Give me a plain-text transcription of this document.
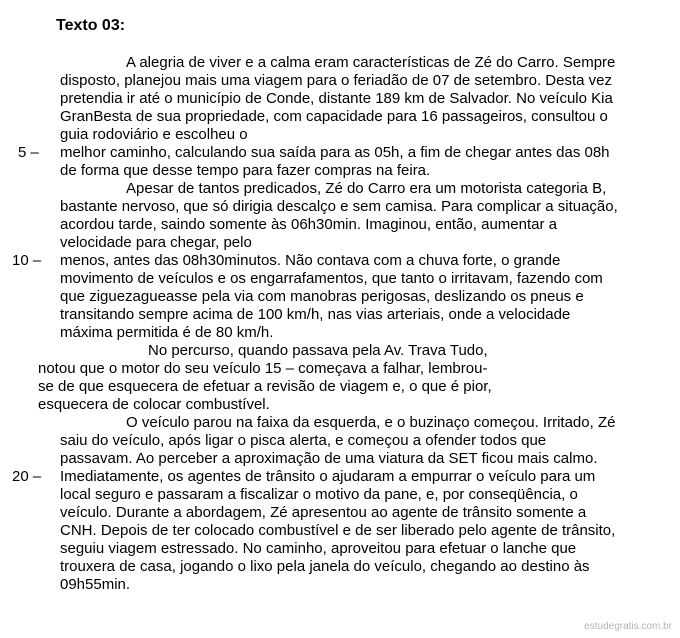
Texto 03:
A alegria de viver e a calma eram características de Zé do Carro. Sempre
disposto, planejou mais uma viagem para o feriadão de 07 de setembro. Desta vez
pretendia ir até o município de Conde, distante 189 km de Salvador. No veículo Kia
GranBesta de sua propriedade, com capacidade para 16 passageiros, consultou o
guia rodoviário e escolheu o
5 – melhor caminho, calculando sua saída para as 05h, a fim de chegar antes das 08h
de forma que desse tempo para fazer compras na feira.
Apesar de tantos predicados, Zé do Carro era um motorista categoria B,
bastante nervoso, que só dirigia descalço e sem camisa. Para complicar a situação,
acordou tarde, saindo somente às 06h30min. Imaginou, então, aumentar a
velocidade para chegar, pelo
10 – menos, antes das 08h30minutos. Não contava com a chuva forte, o grande
movimento de veículos e os engarrafamentos, que tanto o irritavam, fazendo com
que ziguezagueasse pela via com manobras perigosas, deslizando os pneus e
transitando sempre acima de 100 km/h, nas vias arteriais, onde a velocidade
máxima permitida é de 80 km/h.
No percurso, quando passava pela Av. Trava Tudo,
notou que o motor do seu veículo 15 – começava a falhar, lembrou-
se de que esquecera de efetuar a revisão de viagem e, o que é pior,
esquecera de colocar combustível.
O veículo parou na faixa da esquerda, e o buzinaço começou. Irritado, Zé
saiu do veículo, após ligar o pisca alerta, e começou a ofender todos que
passavam. Ao perceber a aproximação de uma viatura da SET ficou mais calmo.
20 – Imediatamente, os agentes de trânsito o ajudaram a empurrar o veículo para um
local seguro e passaram a fiscalizar o motivo da pane, e, por conseqüência, o
veículo. Durante a abordagem, Zé apresentou ao agente de trânsito somente a
CNH. Depois de ter colocado combustível e de ser liberado pelo agente de trânsito,
seguiu viagem estressado. No caminho, aproveitou para efetuar o lanche que
trouxera de casa, jogando o lixo pela janela do veículo, chegando ao destino às
09h55min.
estudegratis.com.br
